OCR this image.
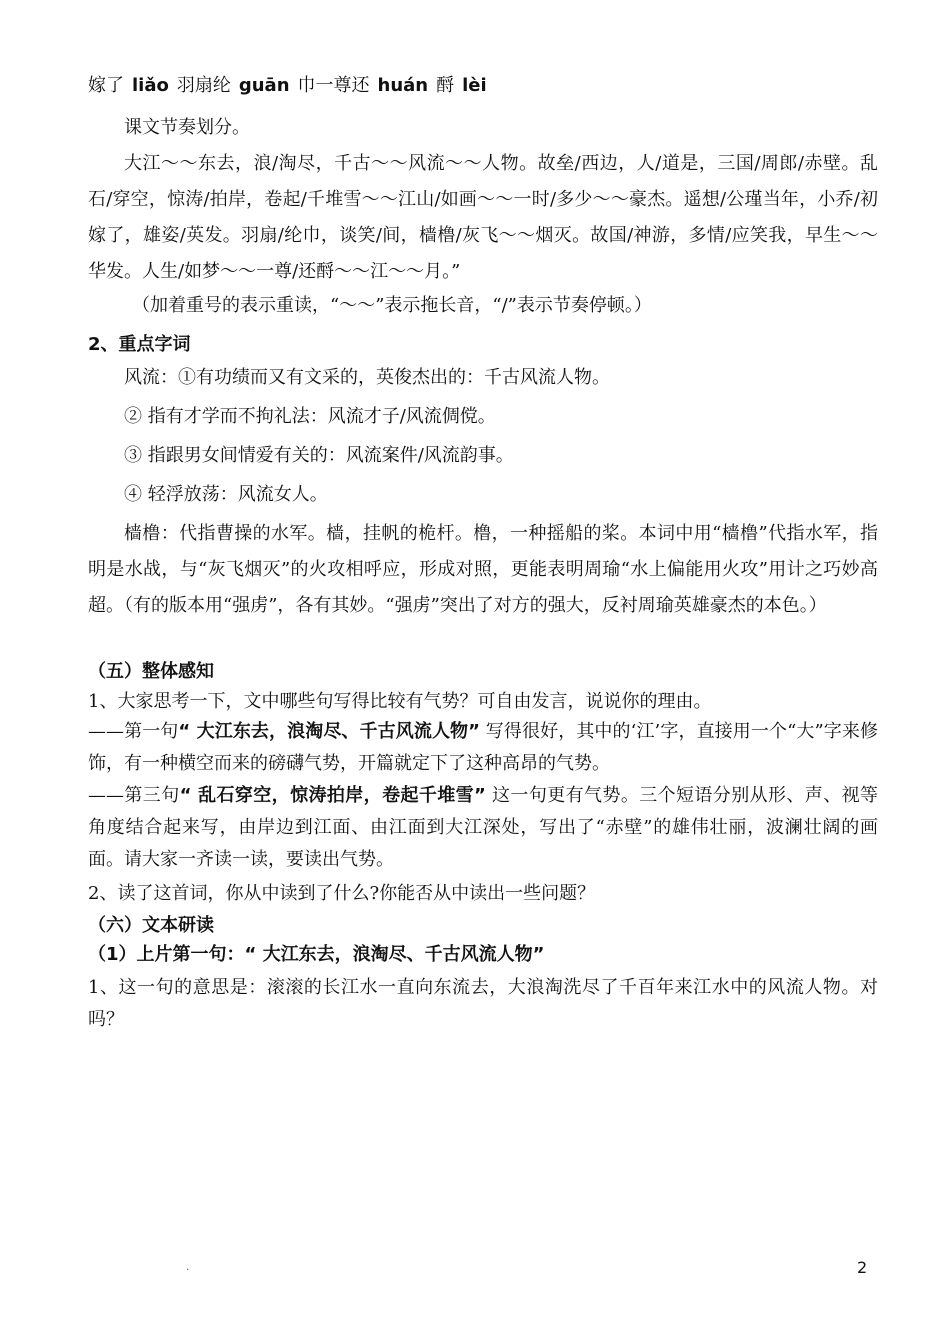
嫁了 liǎo 羽扇纶 guān 巾一尊还 huán 酹 lèi
课文节奏划分。
大江～～东去，浪/淘尽，千古～～风流～～人物。故垒/西边，人/道是，三国/周郎/赤壁。乱石/穿空，惊涛/拍岸，卷起/千堆雪～～江山/如画～～一时/多少～～豪杰。遥想/公瑾当年，小乔/初嫁了，雄姿/英发。羽扇/纶巾，谈笑/间，樯橹/灰飞～～烟灭。故国/神游，多情/应笑我，早生～～华发。人生/如梦～～一尊/还酹～～江～～月。”
（加着重号的表示重读，“～～”表示拖长音，“/”表示节奏停顿。）
2、重点字词
风流：①有功绩而又有文采的，英俊杰出的：千古风流人物。
② 指有才学而不拘礼法：风流才子/风流倜傥。
③ 指跟男女间情爱有关的：风流案件/风流韵事。
④ 轻浮放荡：风流女人。
樯橹：代指曹操的水军。樯，挂帆的桅杆。橹，一种摇船的桨。本词中用“樯橹”代指水军，指明是水战，与“灰飞烟灭”的火攻相呼应，形成对照，更能表明周瑜“水上偏能用火攻”用计之巧妙高超。（有的版本用“强虏”，各有其妙。“强虏”突出了对方的强大，反衬周瑜英雄豪杰的本色。）
（五）整体感知
1、大家思考一下，文中哪些句写得比较有气势？可自由发言，说说你的理由。
——第一句“ 大江东去，浪淘尽、千古风流人物” 写得很好，其中的‘江’字，直接用一个“大”字来修饰，有一种横空而来的磅礴气势，开篇就定下了这种高昂的气势。
——第三句“ 乱石穿空，惊涛拍岸，卷起千堆雪” 这一句更有气势。三个短语分别从形、声、视等角度结合起来写，由岸边到江面、由江面到大江深处，写出了“赤壁”的雄伟壮丽，波澜壮阔的画面。请大家一齐读一读，要读出气势。
2、读了这首词，你从中读到了什么?你能否从中读出一些问题？
（六）文本研读
（1）上片第一句：“ 大江东去，浪淘尽、千古风流人物”
1、这一句的意思是：滚滚的长江水一直向东流去，大浪淘洗尽了千百年来江水中的风流人物。对吗？
.	2
